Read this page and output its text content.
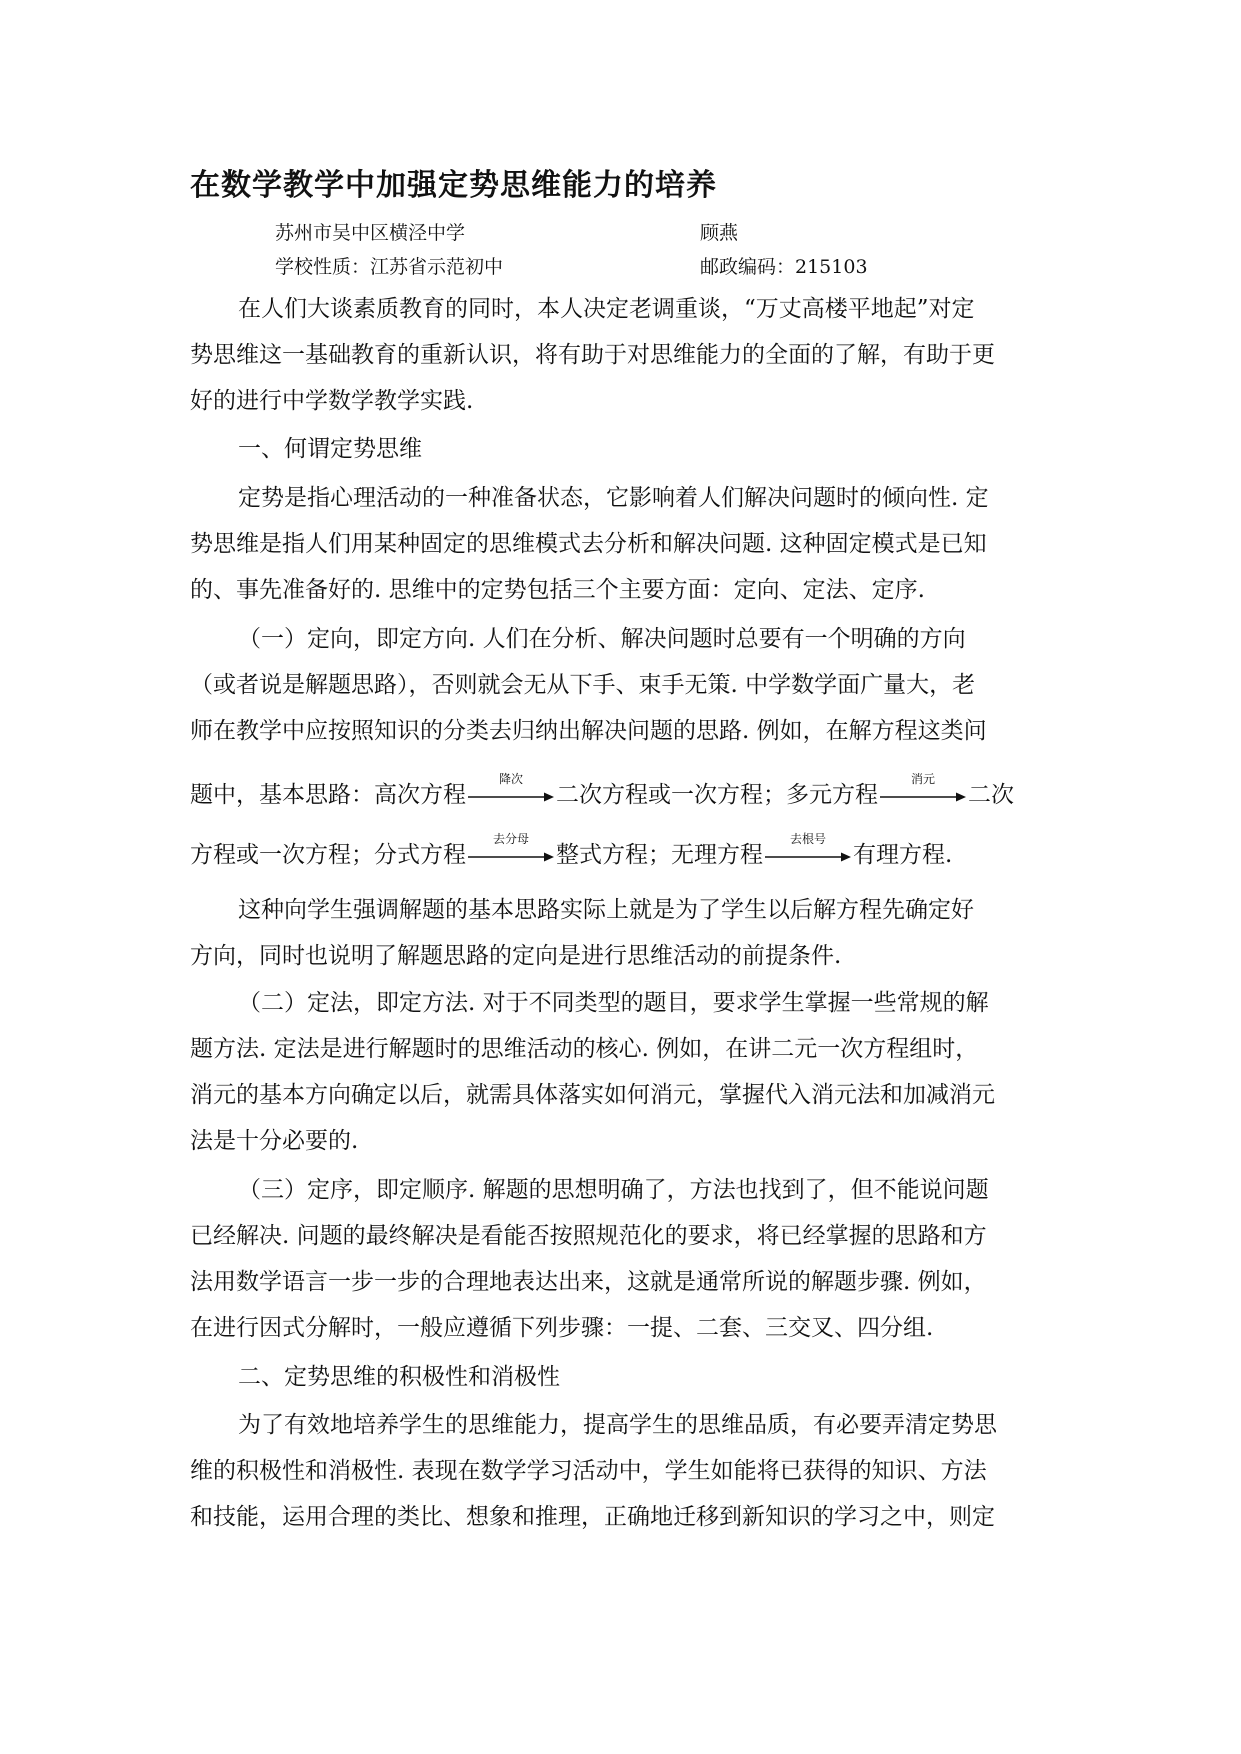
在数学教学中加强定势思维能力的培养
苏州市吴中区横泾中学	顾燕
学校性质：江苏省示范初中	邮政编码：215103
在人们大谈素质教育的同时，本人决定老调重谈，“万丈高楼平地起”对定
势思维这一基础教育的重新认识，将有助于对思维能力的全面的了解，有助于更
好的进行中学数学教学实践.
一、何谓定势思维
定势是指心理活动的一种准备状态，它影响着人们解决问题时的倾向性. 定
势思维是指人们用某种固定的思维模式去分析和解决问题. 这种固定模式是已知
的、事先准备好的. 思维中的定势包括三个主要方面：定向、定法、定序.
（一）定向，即定方向. 人们在分析、解决问题时总要有一个明确的方向
（或者说是解题思路），否则就会无从下手、束手无策. 中学数学面广量大，老
师在教学中应按照知识的分类去归纳出解决问题的思路. 例如，在解方程这类问
题中，基本思路：高次方程
降次
二次方程或一次方程；多元方程
消元
二次
方程或一次方程；分式方程
去分母
整式方程；无理方程
去根号
有理方程.
这种向学生强调解题的基本思路实际上就是为了学生以后解方程先确定好
方向，同时也说明了解题思路的定向是进行思维活动的前提条件.
（二）定法，即定方法. 对于不同类型的题目，要求学生掌握一些常规的解
题方法. 定法是进行解题时的思维活动的核心. 例如，在讲二元一次方程组时，
消元的基本方向确定以后，就需具体落实如何消元，掌握代入消元法和加减消元
法是十分必要的.
（三）定序，即定顺序. 解题的思想明确了，方法也找到了，但不能说问题
已经解决. 问题的最终解决是看能否按照规范化的要求，将已经掌握的思路和方
法用数学语言一步一步的合理地表达出来，这就是通常所说的解题步骤. 例如，
在进行因式分解时，一般应遵循下列步骤：一提、二套、三交叉、四分组.
二、定势思维的积极性和消极性
为了有效地培养学生的思维能力，提高学生的思维品质，有必要弄清定势思
维的积极性和消极性. 表现在数学学习活动中，学生如能将已获得的知识、方法
和技能，运用合理的类比、想象和推理，正确地迁移到新知识的学习之中，则定
